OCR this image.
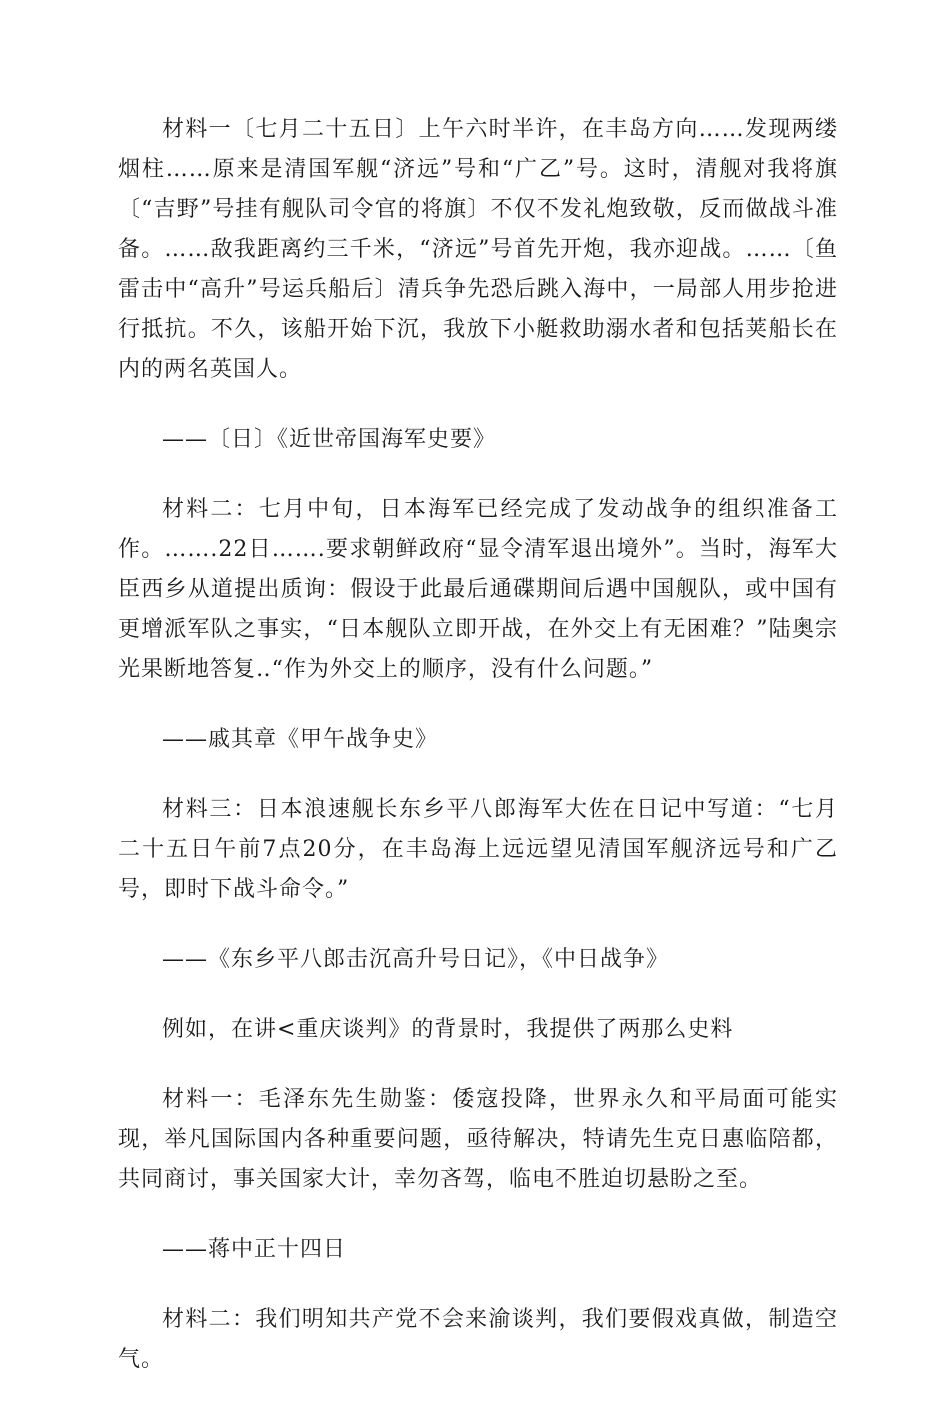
材料一〔七月二十五日〕上午六时半许，在丰岛方向……发现两缕烟柱……原来是清国军舰“济远”号和“广乙”号。这时，清舰对我将旗〔“吉野”号挂有舰队司令官的将旗〕不仅不发礼炮致敬，反而做战斗准备。……敌我距离约三千米，“济远”号首先开炮，我亦迎战。……〔鱼雷击中“高升”号运兵船后〕清兵争先恐后跳入海中，一局部人用步抢进行抵抗。不久，该船开始下沉，我放下小艇救助溺水者和包括荚船长在内的两名英国人。

——〔日〕《近世帝国海军史要》

材料二：七月中旬，日本海军已经完成了发动战争的组织准备工作。…….22日…….要求朝鲜政府“显令清军退出境外”。当时，海军大臣西乡从道提出质询：假设于此最后通碟期间后遇中国舰队，或中国有更增派军队之事实，“日本舰队立即开战，在外交上有无困难？”陆奥宗光果断地答复‥“作为外交上的顺序，没有什么问题。”

——戚其章《甲午战争史》

材料三：日本浪速舰长东乡平八郎海军大佐在日记中写道：“七月二十五日午前7点20分，在丰岛海上远远望见清国军舰济远号和广乙号，即时下战斗命令。”

——《东乡平八郎击沉高升号日记》，《中日战争》

例如，在讲<重庆谈判》的背景时，我提供了两那么史料

材料一：毛泽东先生勋鉴：倭寇投降，世界永久和平局面可能实现，举凡国际国内各种重要问题，亟待解决，特请先生克日惠临陪都，共同商讨，事关国家大计，幸勿吝驾，临电不胜迫切悬盼之至。

——蒋中正十四日

材料二：我们明知共产党不会来渝谈判，我们要假戏真做，制造空气。
